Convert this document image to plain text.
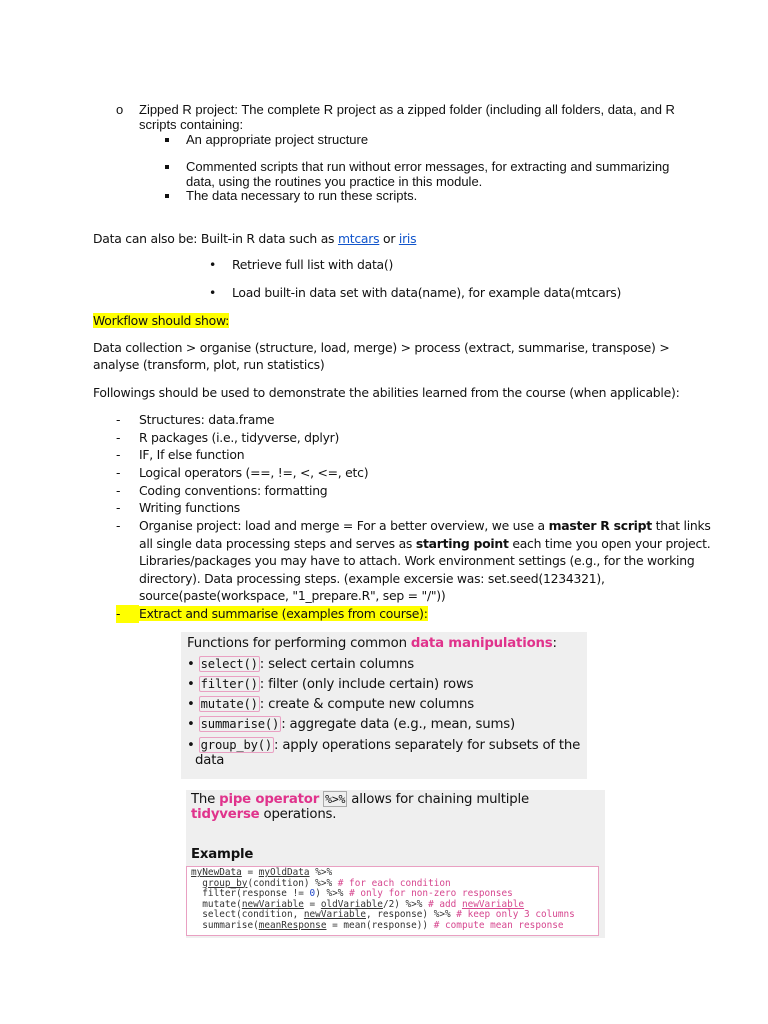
o Zipped R project: The complete R project as a zipped folder (including all folders, data, and R
scripts containing:
An appropriate project structure
Commented scripts that run without error messages, for extracting and summarizing
data, using the routines you practice in this module.
The data necessary to run these scripts.
Data can also be: Built-in R data such as mtcars or iris
• Retrieve full list with data()
• Load built-in data set with data(name), for example data(mtcars)
Workflow should show:
Data collection > organise (structure, load, merge) > process (extract, summarise, transpose) >
analyse (transform, plot, run statistics)
Followings should be used to demonstrate the abilities learned from the course (when applicable):
- Structures: data.frame
- R packages (i.e., tidyverse, dplyr)
- IF, If else function
- Logical operators (==, !=, <, <=, etc)
- Coding conventions: formatting
- Writing functions
- Organise project: load and merge = For a better overview, we use a master R script that links
all single data processing steps and serves as starting point each time you open your project.
Libraries/packages you may have to attach. Work environment settings (e.g., for the working
directory). Data processing steps. (example excersie was: set.seed(1234321),
source(paste(workspace, "1_prepare.R", sep = "/"))
-	Extract and summarise (examples from course):
Functions for performing common data manipulations:
• select() : select certain columns
• filter() : filter (only include certain) rows
• mutate() : create & compute new columns
• summarise() : aggregate data (e.g., mean, sums)
• group_by() : apply operations separately for subsets of the
data
The pipe operator %>% allows for chaining multiple
tidyverse operations.
Example
myNewData = myOldData %>%
group_by(condition) %>% # for each condition
filter(response != 0) %>% # only for non-zero responses
mutate(newVariable = oldVariable/2) %>% # add newVariable
select(condition, newVariable, response) %>% # keep only 3 columns
summarise(meanResponse = mean(response)) # compute mean response
